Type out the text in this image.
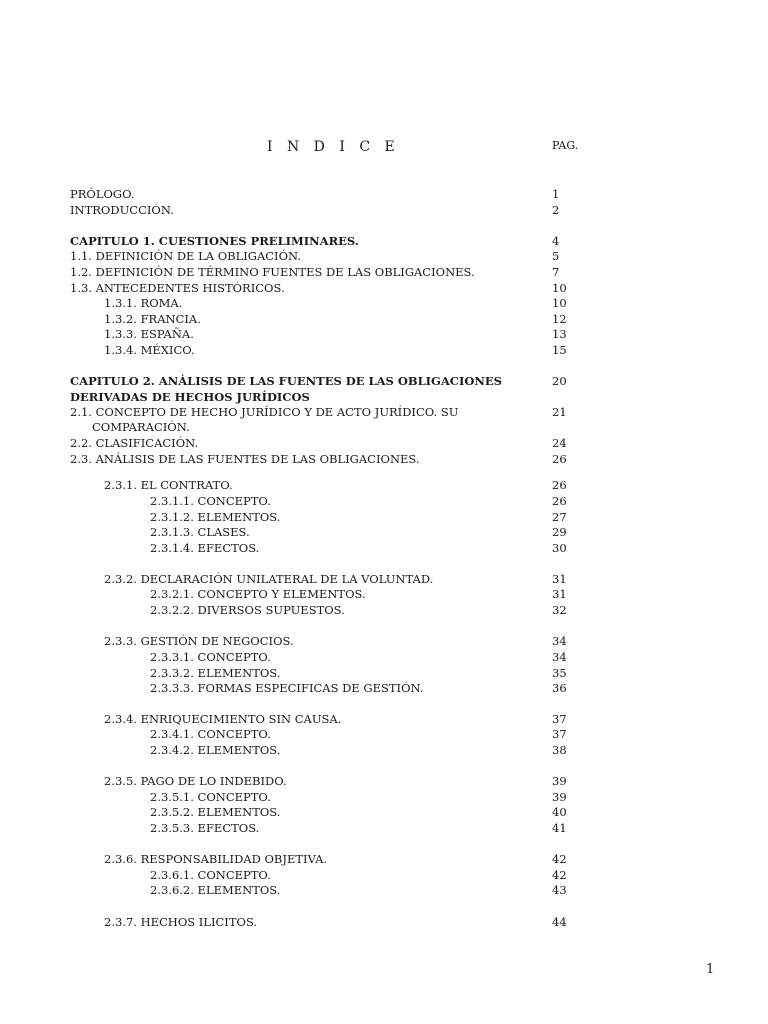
I N D I C E	PAG.
PRÓLOGO.	1
INTRODUCCIÓN.	2
CAPITULO 1. CUESTIONES PRELIMINARES.	4
1.1. DEFINICIÓN DE LA OBLIGACIÓN.	5
1.2. DEFINICIÓN DE TÉRMINO FUENTES DE LAS OBLIGACIONES.	7
1.3. ANTECEDENTES HISTÓRICOS.	10
1.3.1. ROMA.	10
1.3.2. FRANCIA.	12
1.3.3. ESPAÑA.	13
1.3.4. MÉXICO.	15
CAPITULO 2. ANÁLISIS DE LAS FUENTES DE LAS OBLIGACIONES	20
DERIVADAS DE HECHOS JURÍDICOS
2.1. CONCEPTO DE HECHO JURÍDICO Y DE ACTO JURÍDICO. SU	21
COMPARACIÓN.
2.2. CLASIFICACIÓN.	24
2.3. ANÁLISIS DE LAS FUENTES DE LAS OBLIGACIONES.	26
2.3.1. EL CONTRATO.	26
2.3.1.1. CONCEPTO.	26
2.3.1.2. ELEMENTOS.	27
2.3.1.3. CLASES.	29
2.3.1.4. EFECTOS.	30
2.3.2. DECLARACIÓN UNILATERAL DE LA VOLUNTAD.	31
2.3.2.1. CONCEPTO Y ELEMENTOS.	31
2.3.2.2. DIVERSOS SUPUESTOS.	32
2.3.3. GESTIÓN DE NEGOCIOS.	34
2.3.3.1. CONCEPTO.	34
2.3.3.2. ELEMENTOS.	35
2.3.3.3. FORMAS ESPECIFICAS DE GESTIÓN.	36
2.3.4. ENRIQUECIMIENTO SIN CAUSA.	37
2.3.4.1. CONCEPTO.	37
2.3.4.2. ELEMENTOS.	38
2.3.5. PAGO DE LO INDEBIDO.	39
2.3.5.1. CONCEPTO.	39
2.3.5.2. ELEMENTOS.	40
2.3.5.3. EFECTOS.	41
2.3.6. RESPONSABILIDAD OBJETIVA.	42
2.3.6.1. CONCEPTO.	42
2.3.6.2. ELEMENTOS.	43
2.3.7. HECHOS ILICITOS.	44
1
